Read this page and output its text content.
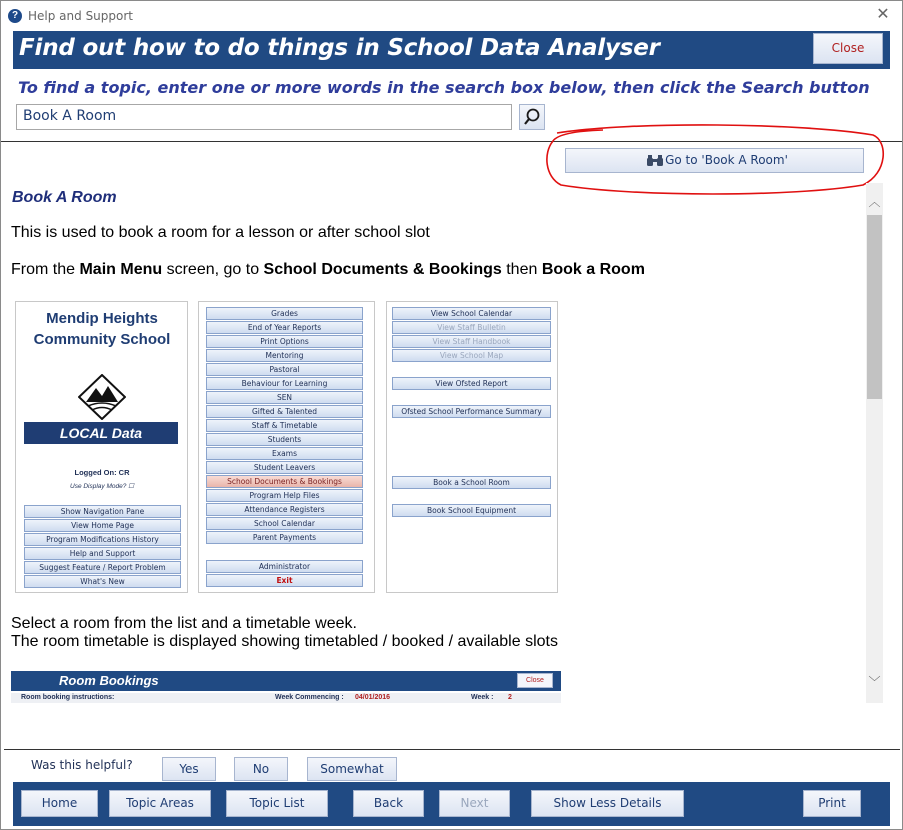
? Help and Support	✕
Find out how to do things in School Data Analyser	Close
To find a topic, enter one or more words in the search box below, then click the Search button
Book A Room
Go to 'Book A Room'
Book A Room
This is used to book a room for a lesson or after school slot
From the Main Menu screen, go to School Documents & Bookings then Book a Room
Mendip Heights
Community School
LOCAL Data
Logged On: CR
Use Display Mode? ☐
Show Navigation Pane
View Home Page
Program Modifications History
Help and Support
Suggest Feature / Report Problem
What's New
Grades
End of Year Reports
Print Options
Mentoring
Pastoral
Behaviour for Learning
SEN
Gifted & Talented
Staff & Timetable
Students
Exams
Student Leavers
School Documents & Bookings
Program Help Files
Attendance Registers
School Calendar
Parent Payments
Administrator
Exit
View School Calendar
View Staff Bulletin
View Staff Handbook
View School Map
View Ofsted Report
Ofsted School Performance Summary
Book a School Room
Book School Equipment
Select a room from the list and a timetable week.
The room timetable is displayed showing timetabled / booked / available slots
Room Bookings	Close
Room booking instructions:	Week Commencing : 04/01/2016	Week : 2
︿
﹀
Was this helpful?	Yes	No	Somewhat
Home	Topic Areas	Topic List	Back	Next	Show Less Details	Print
